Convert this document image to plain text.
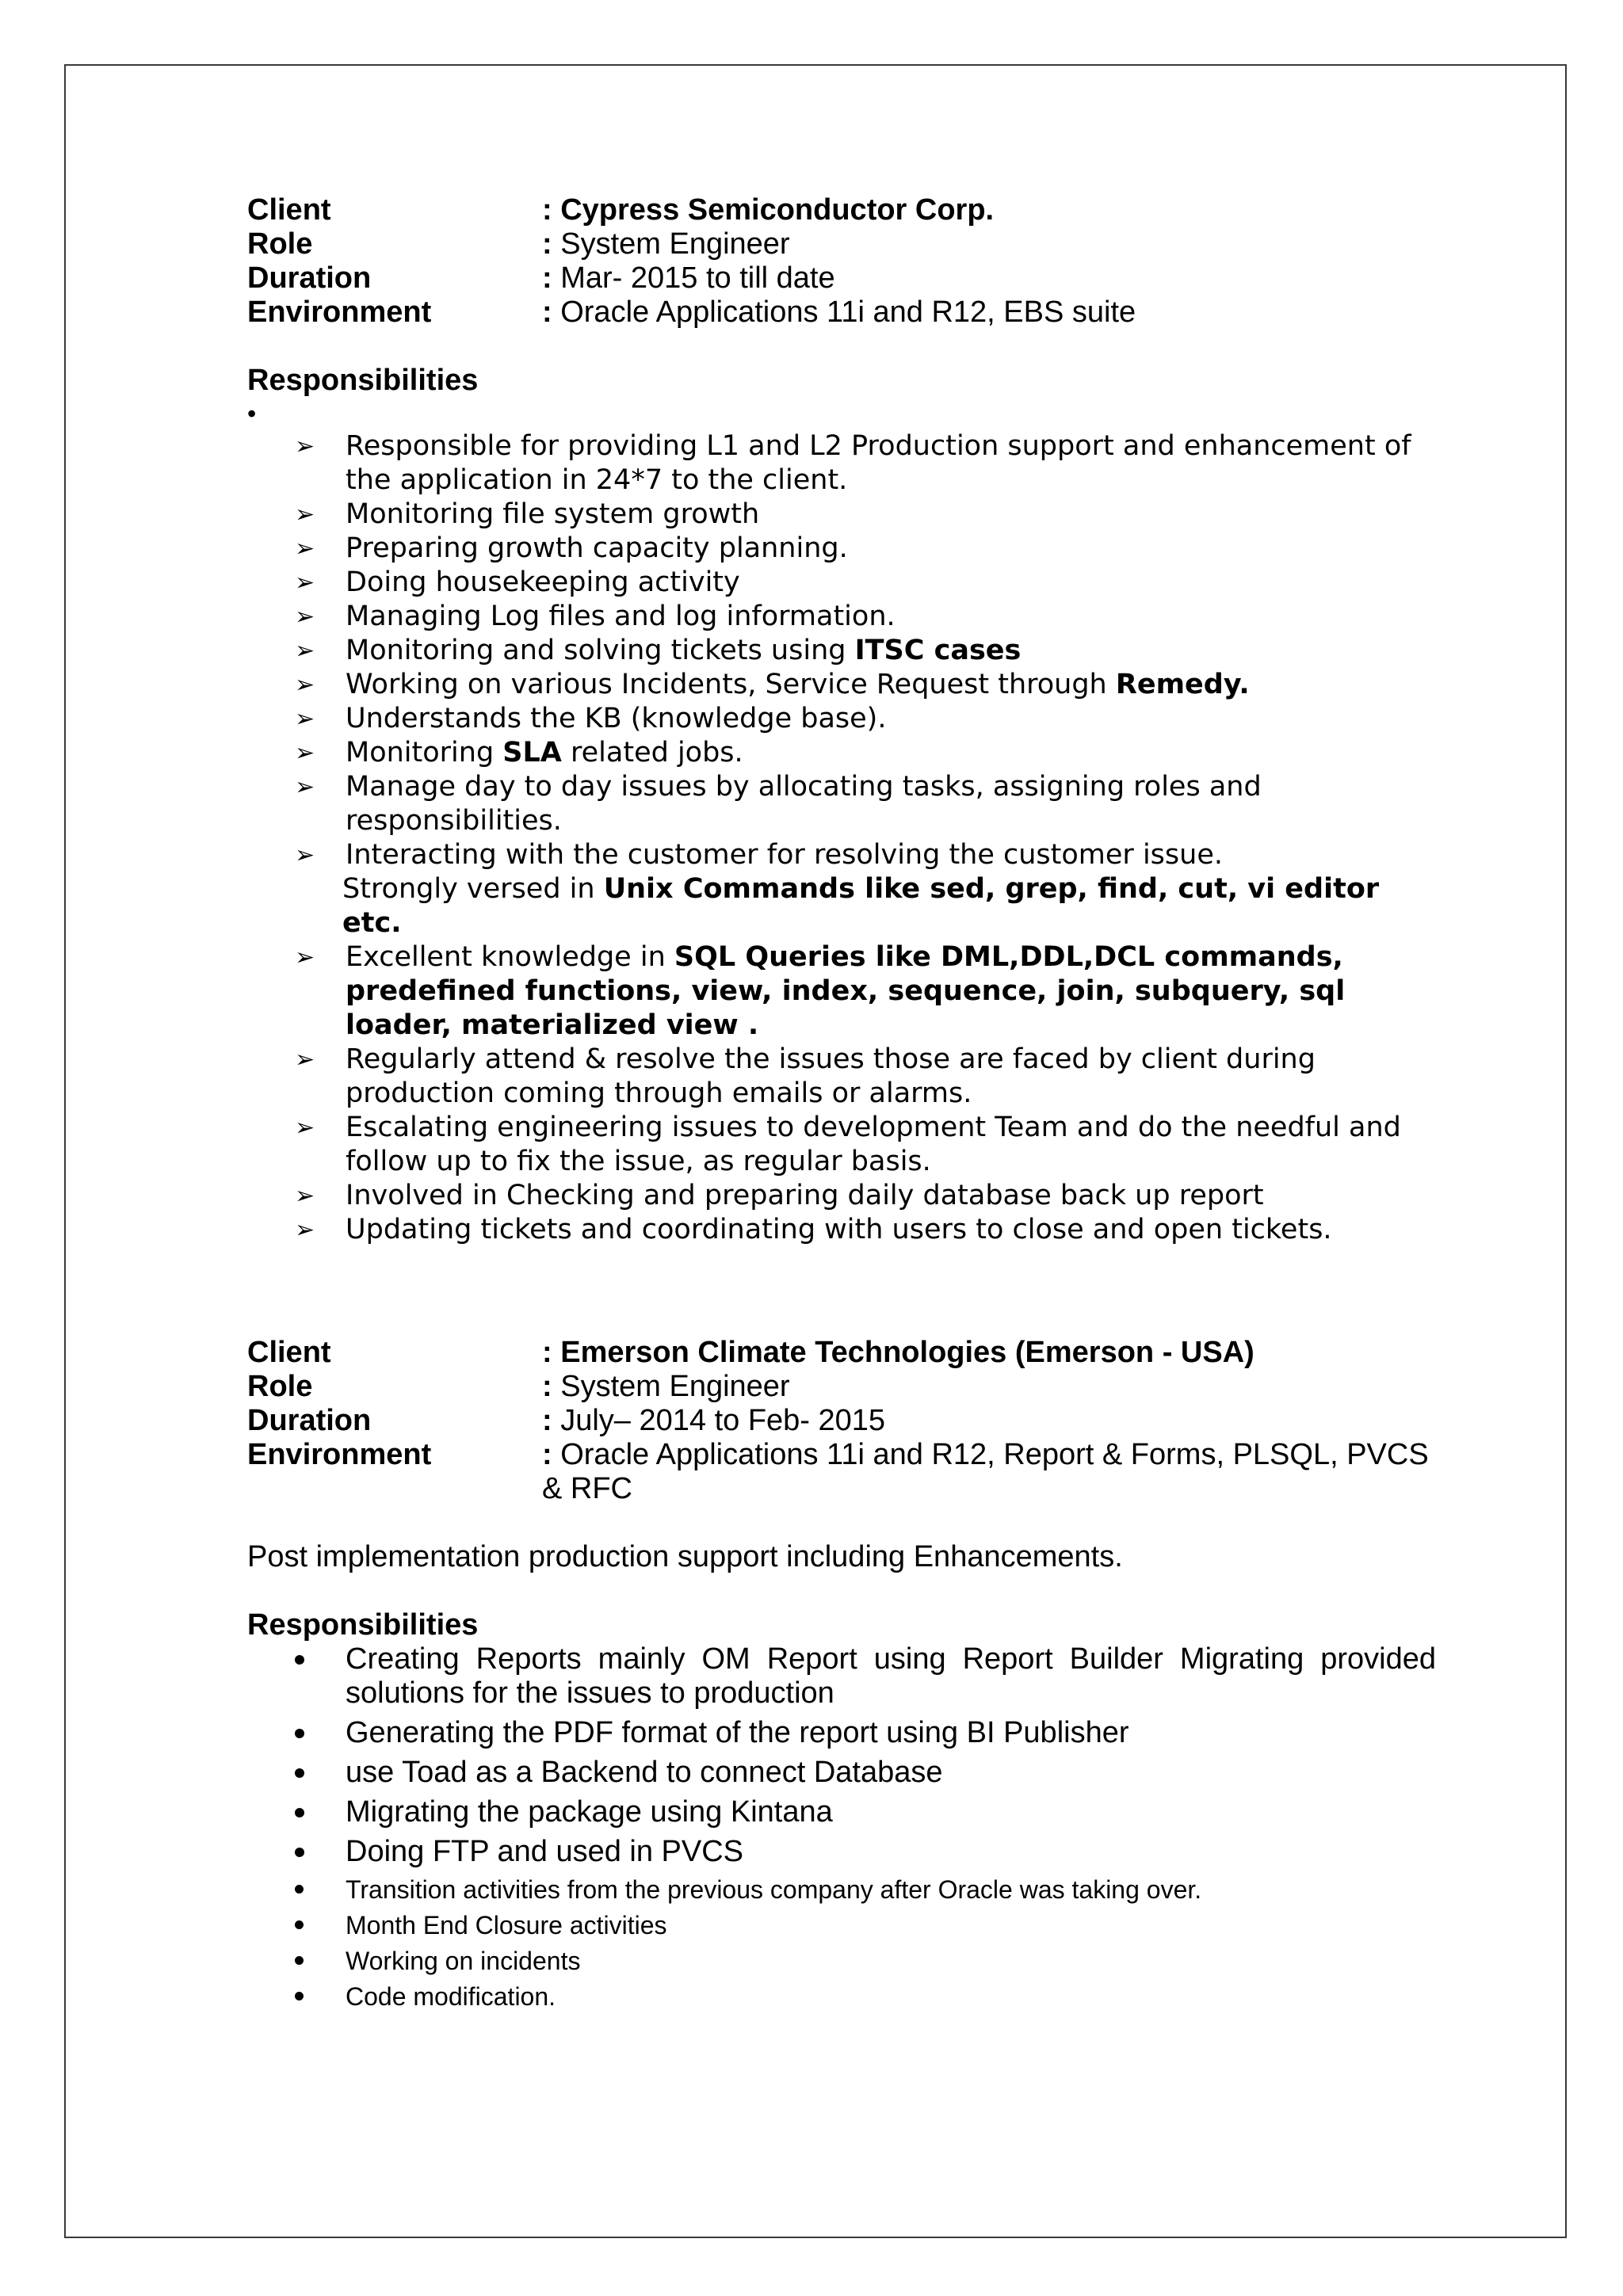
Client	: Cypress Semiconductor Corp.
Role	: System Engineer
Duration	: Mar- 2015 to till date
Environment	: Oracle Applications 11i and R12, EBS suite
Responsibilities
•
➢ Responsible for providing L1 and L2 Production support and enhancement of the application in 24*7 to the client.
➢ Monitoring file system growth
➢ Preparing growth capacity planning.
➢ Doing housekeeping activity
➢ Managing Log files and log information.
➢ Monitoring and solving tickets using ITSC cases
➢ Working on various Incidents, Service Request through Remedy.
➢ Understands the KB (knowledge base).
➢ Monitoring SLA related jobs.
➢ Manage day to day issues by allocating tasks, assigning roles and responsibilities.
➢ Interacting with the customer for resolving the customer issue.
Strongly versed in Unix Commands like sed, grep, find, cut, vi editor etc.
➢ Excellent knowledge in SQL Queries like DML,DDL,DCL commands, predefined functions, view, index, sequence, join, subquery, sql loader, materialized view .
➢ Regularly attend & resolve the issues those are faced by client during production coming through emails or alarms.
➢ Escalating engineering issues to development Team and do the needful and follow up to fix the issue, as regular basis.
➢ Involved in Checking and preparing daily database back up report
➢ Updating tickets and coordinating with users to close and open tickets.
Client	: Emerson Climate Technologies (Emerson - USA)
Role	: System Engineer
Duration	: July– 2014 to Feb- 2015
Environment	: Oracle Applications 11i and R12, Report & Forms, PLSQL, PVCS & RFC
Post implementation production support including Enhancements.
Responsibilities
Creating Reports mainly OM Report using Report Builder Migrating provided solutions for the issues to production
Generating the PDF format of the report using BI Publisher
use Toad as a Backend to connect Database
Migrating the package using Kintana
Doing FTP and used in PVCS
Transition activities from the previous company after Oracle was taking over.
Month End Closure activities
Working on incidents
Code modification.
